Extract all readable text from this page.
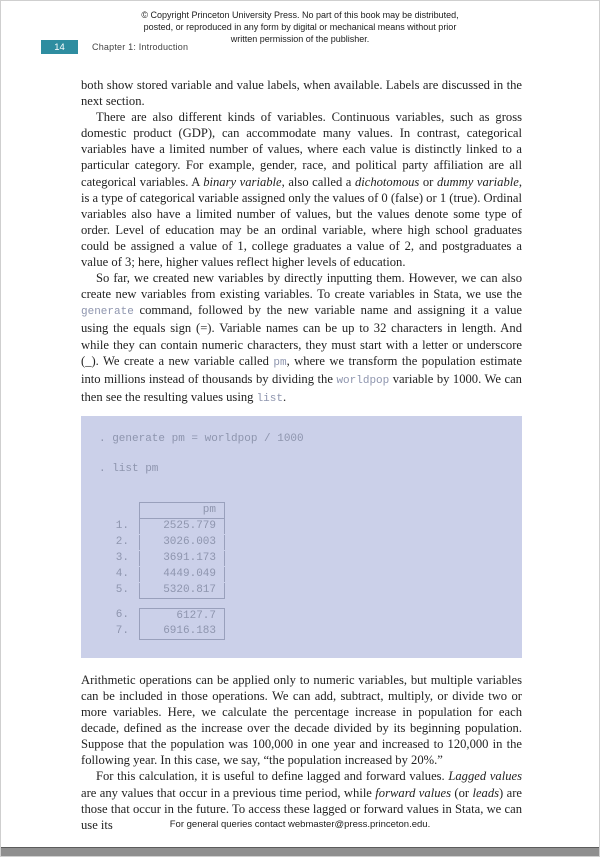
© Copyright Princeton University Press. No part of this book may be distributed, posted, or reproduced in any form by digital or mechanical means without prior written permission of the publisher.
14	Chapter 1: Introduction

both show stored variable and value labels, when available. Labels are discussed in the next section.

There are also different kinds of variables. Continuous variables, such as gross domestic product (GDP), can accommodate many values. In contrast, categorical variables have a limited number of values, where each value is distinctly linked to a particular category. For example, gender, race, and political party affiliation are all categorical variables. A binary variable, also called a dichotomous or dummy variable, is a type of categorical variable assigned only the values of 0 (false) or 1 (true). Ordinal variables also have a limited number of values, but the values denote some type of order. Level of education may be an ordinal variable, where high school graduates could be assigned a value of 1, college graduates a value of 2, and postgraduates a value of 3; here, higher values reflect higher levels of education.

So far, we created new variables by directly inputting them. However, we can also create new variables from existing variables. To create variables in Stata, we use the generate command, followed by the new variable name and assigning it a value using the equals sign (=). Variable names can be up to 32 characters in length. And while they can contain numeric characters, they must start with a letter or underscore (_). We create a new variable called pm, where we transform the population estimate into millions instead of thousands by dividing the worldpop variable by 1000. We can then see the resulting values using list.

. generate pm = worldpop / 1000
. list pm
pm
1.	2525.779
2.	3026.003
3.	3691.173
4.	4449.049
5.	5320.817
6.	6127.7
7.	6916.183

Arithmetic operations can be applied only to numeric variables, but multiple variables can be included in those operations. We can add, subtract, multiply, or divide two or more variables. Here, we calculate the percentage increase in population for each decade, defined as the increase over the decade divided by its beginning population. Suppose that the population was 100,000 in one year and increased to 120,000 in the following year. In this case, we say, “the population increased by 20%.”

For this calculation, it is useful to define lagged and forward values. Lagged values are any values that occur in a previous time period, while forward values (or leads) are those that occur in the future. To access these lagged or forward values in Stata, we can use its	For general queries contact webmaster@press.princeton.edu.
